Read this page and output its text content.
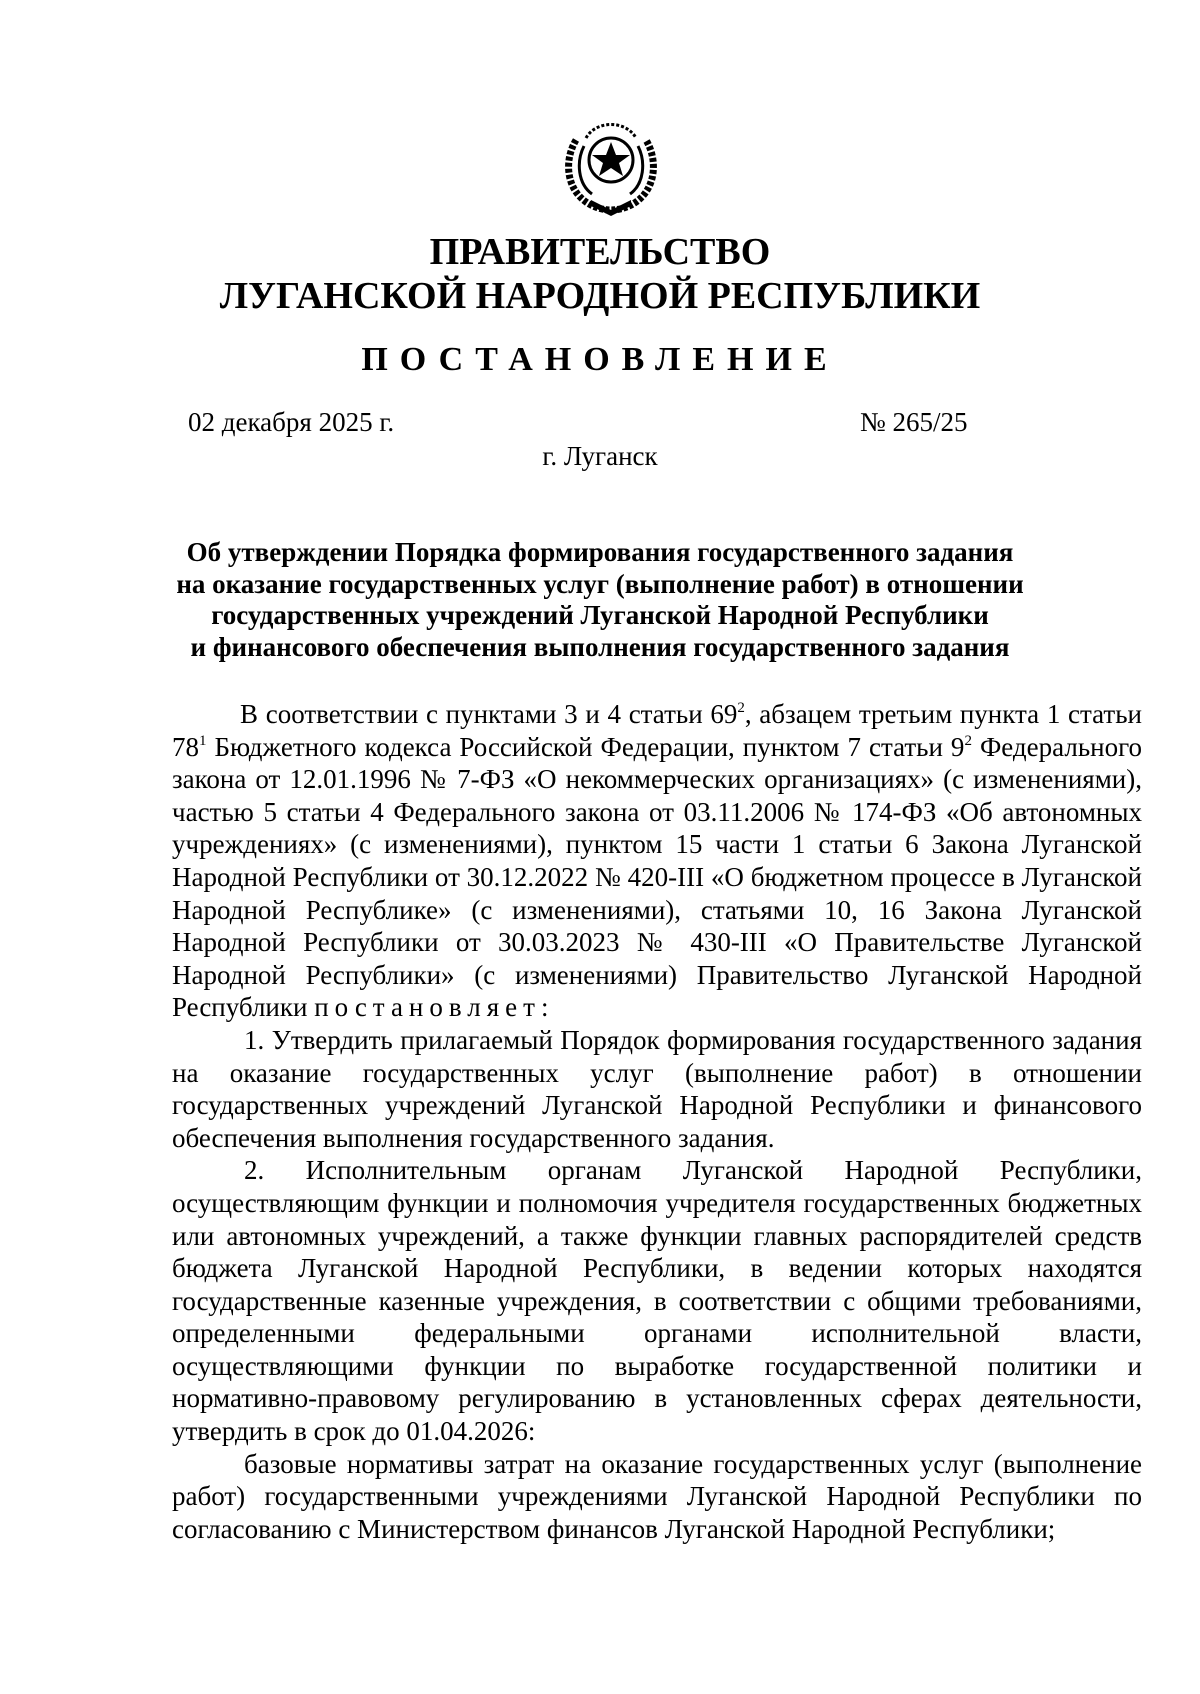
ПРАВИТЕЛЬСТВО
ЛУГАНСКОЙ НАРОДНОЙ РЕСПУБЛИКИ
ПОСТАНОВЛЕНИЕ
02 декабря 2025 г.	№ 265/25
г. Луганск
Об утверждении Порядка формирования государственного задания
на оказание государственных услуг (выполнение работ) в отношении
государственных учреждений Луганской Народной Республики
и финансового обеспечения выполнения государственного задания

В соответствии с пунктами 3 и 4 статьи $69^2$, абзацем третьим пункта 1 статьи $78^1$ Бюджетного кодекса Российской Федерации, пунктом 7 статьи $9^2$ Федерального закона от 12.01.1996 № 7-ФЗ «О некоммерческих организациях» (с изменениями), частью 5 статьи 4 Федерального закона от 03.11.2006 № 174-ФЗ «Об автономных учреждениях» (с изменениями), пунктом 15 части 1 статьи 6 Закона Луганской Народной Республики от 30.12.2022 № 420-III «О бюджетном процессе в Луганской Народной Республике» (с изменениями), статьями 10, 16 Закона Луганской Народной Республики от 30.03.2023 № 430-III «О Правительстве Луганской Народной Республики» (с изменениями) Правительство Луганской Народной Республики постановляет:

1. Утвердить прилагаемый Порядок формирования государственного задания на оказание государственных услуг (выполнение работ) в отношении государственных учреждений Луганской Народной Республики и финансового обеспечения выполнения государственного задания.

2. Исполнительным органам Луганской Народной Республики, осуществляющим функции и полномочия учредителя государственных бюджетных или автономных учреждений, а также функции главных распорядителей средств бюджета Луганской Народной Республики, в ведении которых находятся государственные казенные учреждения, в соответствии с общими требованиями, определенными федеральными органами исполнительной власти, осуществляющими функции по выработке государственной политики и нормативно-правовому регулированию в установленных сферах деятельности, утвердить в срок до 01.04.2026:

базовые нормативы затрат на оказание государственных услуг (выполнение работ) государственными учреждениями Луганской Народной Республики по согласованию с Министерством финансов Луганской Народной Республики;
